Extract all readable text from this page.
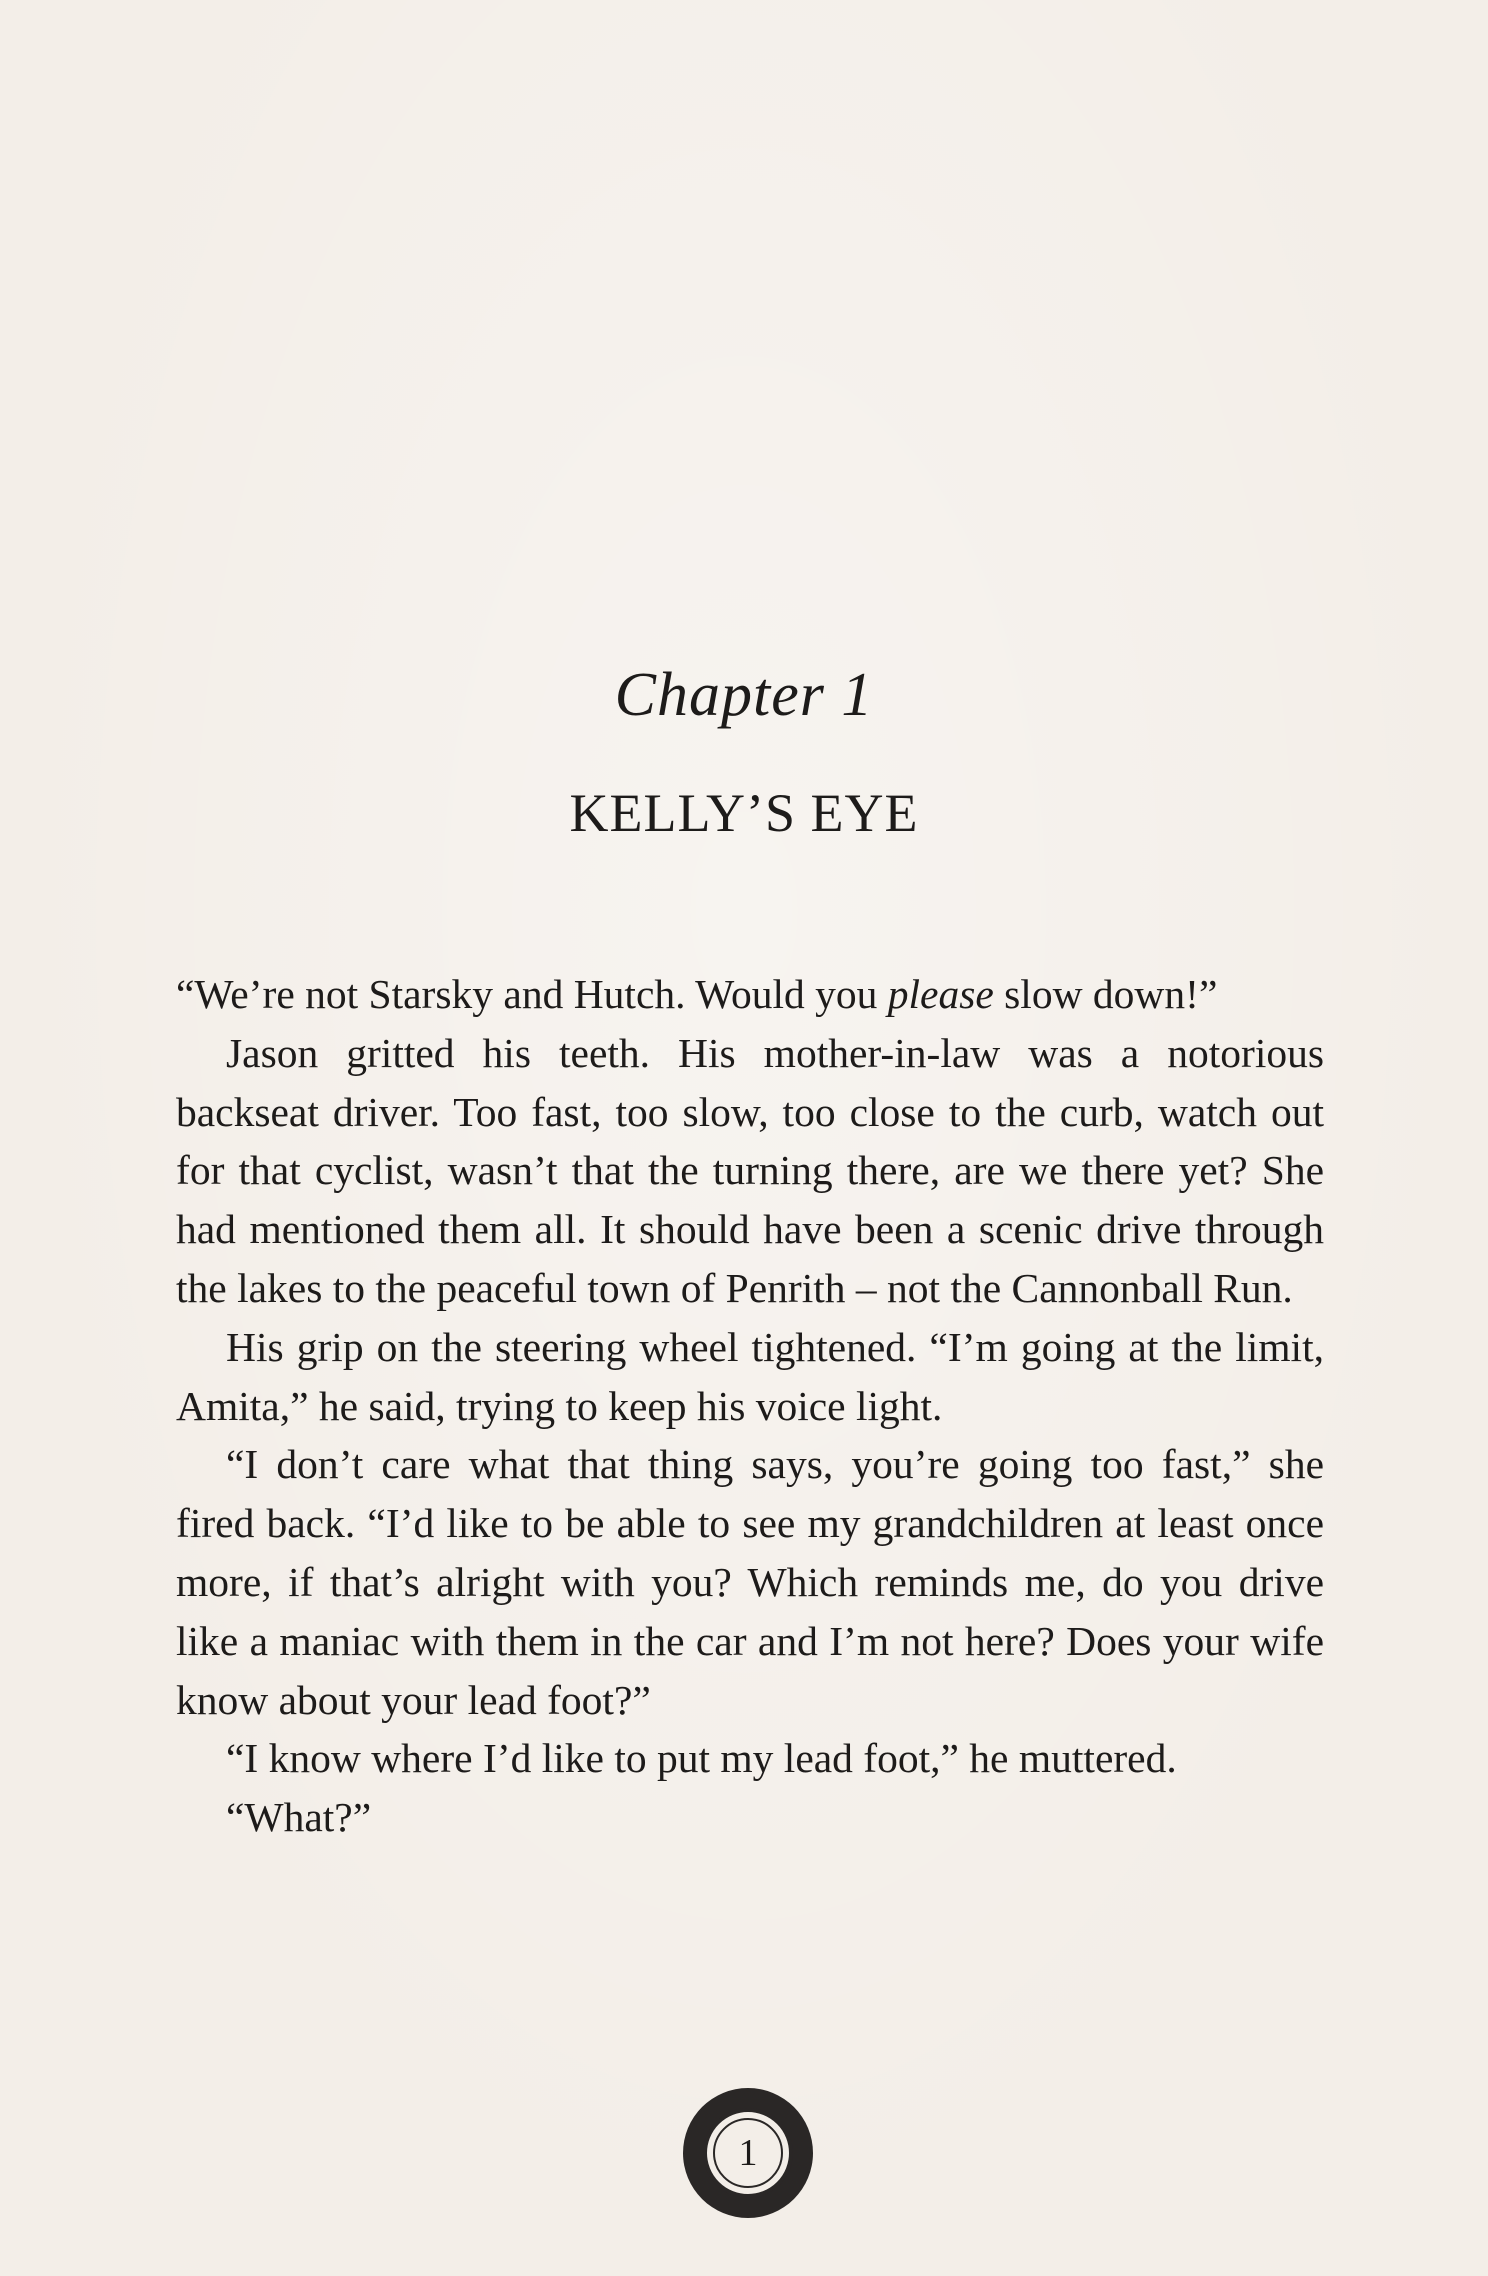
Chapter 1
KELLY’S EYE

“We’re not Starsky and Hutch. Would you please slow down!”

Jason gritted his teeth. His mother-in-law was a notorious backseat driver. Too fast, too slow, too close to the curb, watch out for that cyclist, wasn’t that the turning there, are we there yet? She had mentioned them all. It should have been a scenic drive through the lakes to the peaceful town of Penrith – not the Cannonball Run.

His grip on the steering wheel tightened. “I’m going at the limit, Amita,” he said, trying to keep his voice light.

“I don’t care what that thing says, you’re going too fast,” she fired back. “I’d like to be able to see my grandchildren at least once more, if that’s alright with you? Which reminds me, do you drive like a maniac with them in the car and I’m not here? Does your wife know about your lead foot?”

“I know where I’d like to put my lead foot,” he muttered.

“What?”

1
